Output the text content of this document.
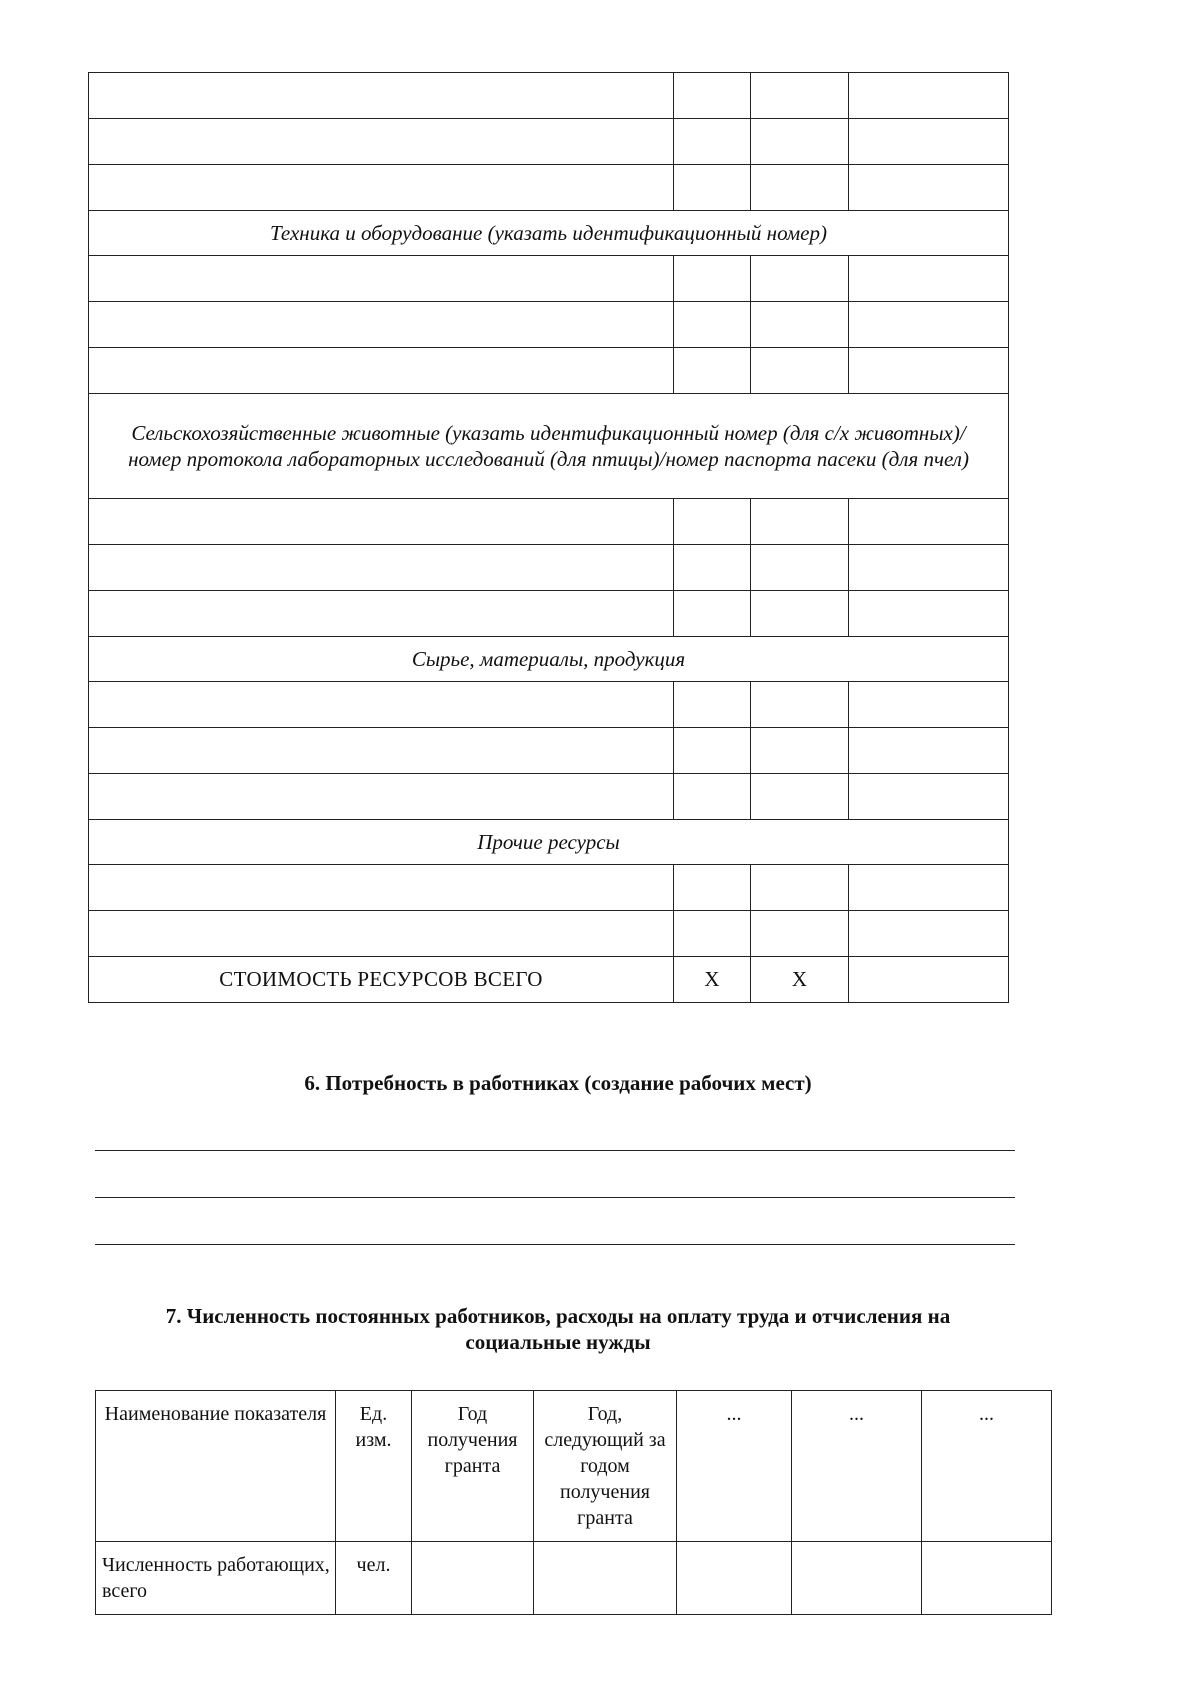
Техника и оборудование (указать идентификационный номер)			

Сельскохозяйственные животные (указать идентификационный номер (для с/х животных)/номер протокола лабораторных исследований (для птицы)/номер паспорта пасеки (для пчел)			

Сырье, материалы, продукция			

Прочие ресурсы			

СТОИМОСТЬ РЕСУРСОВ ВСЕГО	X	X	
6. Потребность в работниках (создание рабочих мест)
7. Численность постоянных работников, расходы на оплату труда и отчисления на
социальные нужды
Наименование показателя	Ед. изм.	Год получения гранта	Год, следующий за годом получения гранта	...	...	...
Численность работающих, всего	чел.					
